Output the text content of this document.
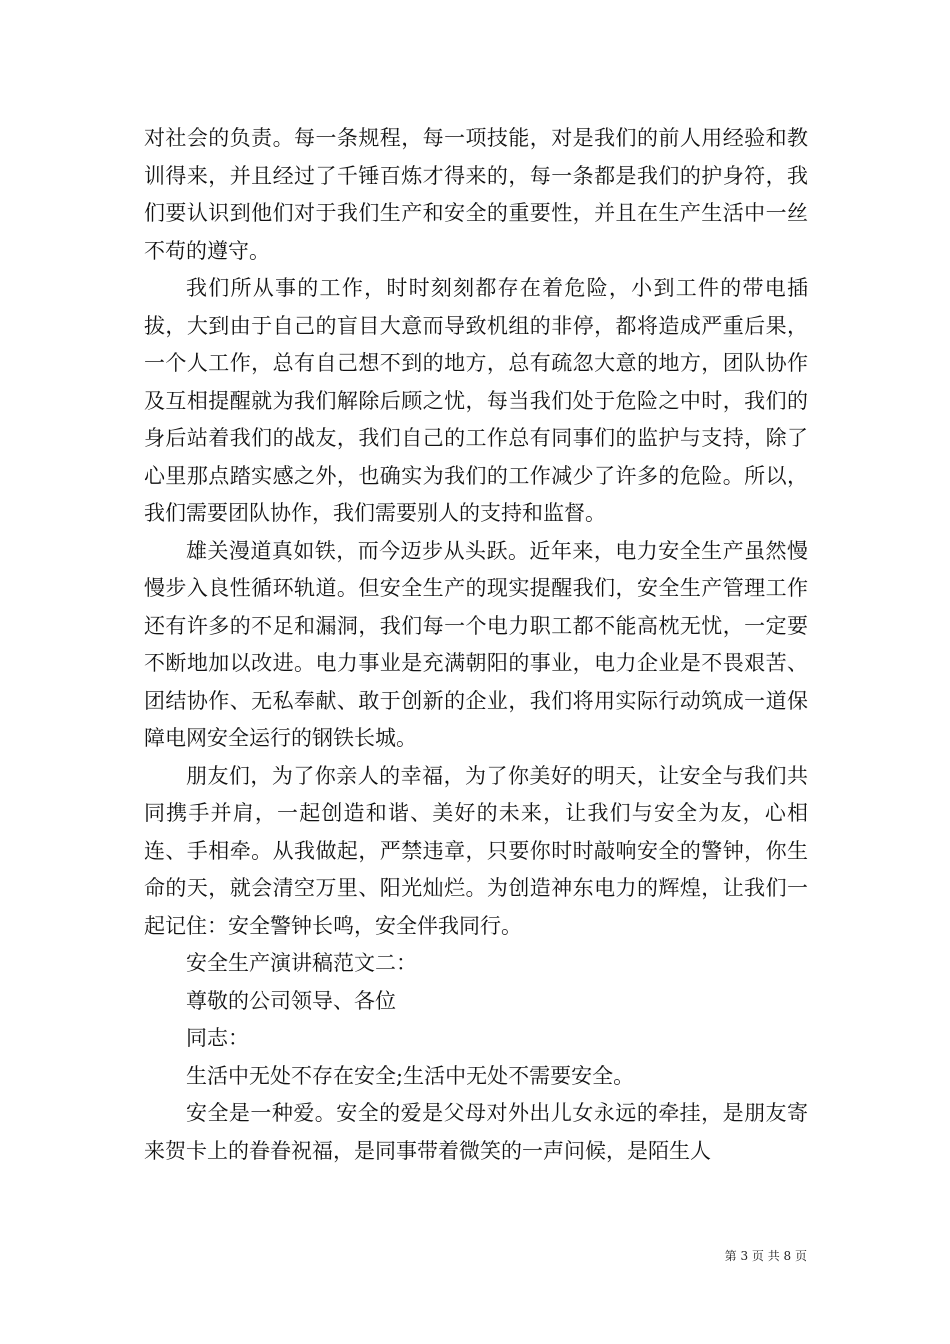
对社会的负责。每一条规程，每一项技能，对是我们的前人用经验和教训得来，并且经过了千锤百炼才得来的，每一条都是我们的护身符，我们要认识到他们对于我们生产和安全的重要性，并且在生产生活中一丝不苟的遵守。

我们所从事的工作，时时刻刻都存在着危险，小到工件的带电插拔，大到由于自己的盲目大意而导致机组的非停，都将造成严重后果，一个人工作，总有自己想不到的地方，总有疏忽大意的地方，团队协作及互相提醒就为我们解除后顾之忧，每当我们处于危险之中时，我们的身后站着我们的战友，我们自己的工作总有同事们的监护与支持，除了心里那点踏实感之外，也确实为我们的工作减少了许多的危险。所以，我们需要团队协作，我们需要别人的支持和监督。

雄关漫道真如铁，而今迈步从头跃。近年来，电力安全生产虽然慢慢步入良性循环轨道。但安全生产的现实提醒我们，安全生产管理工作还有许多的不足和漏洞，我们每一个电力职工都不能高枕无忧，一定要不断地加以改进。电力事业是充满朝阳的事业，电力企业是不畏艰苦、团结协作、无私奉献、敢于创新的企业，我们将用实际行动筑成一道保障电网安全运行的钢铁长城。

朋友们，为了你亲人的幸福，为了你美好的明天，让安全与我们共同携手并肩，一起创造和谐、美好的未来，让我们与安全为友，心相连、手相牵。从我做起，严禁违章，只要你时时敲响安全的警钟，你生命的天，就会清空万里、阳光灿烂。为创造神东电力的辉煌，让我们一起记住：安全警钟长鸣，安全伴我同行。

安全生产演讲稿范文二：

尊敬的公司领导、各位

同志：

生活中无处不存在安全;生活中无处不需要安全。

安全是一种爱。安全的爱是父母对外出儿女永远的牵挂，是朋友寄来贺卡上的眷眷祝福，是同事带着微笑的一声问候，是陌生人

第 3 页 共 8 页
